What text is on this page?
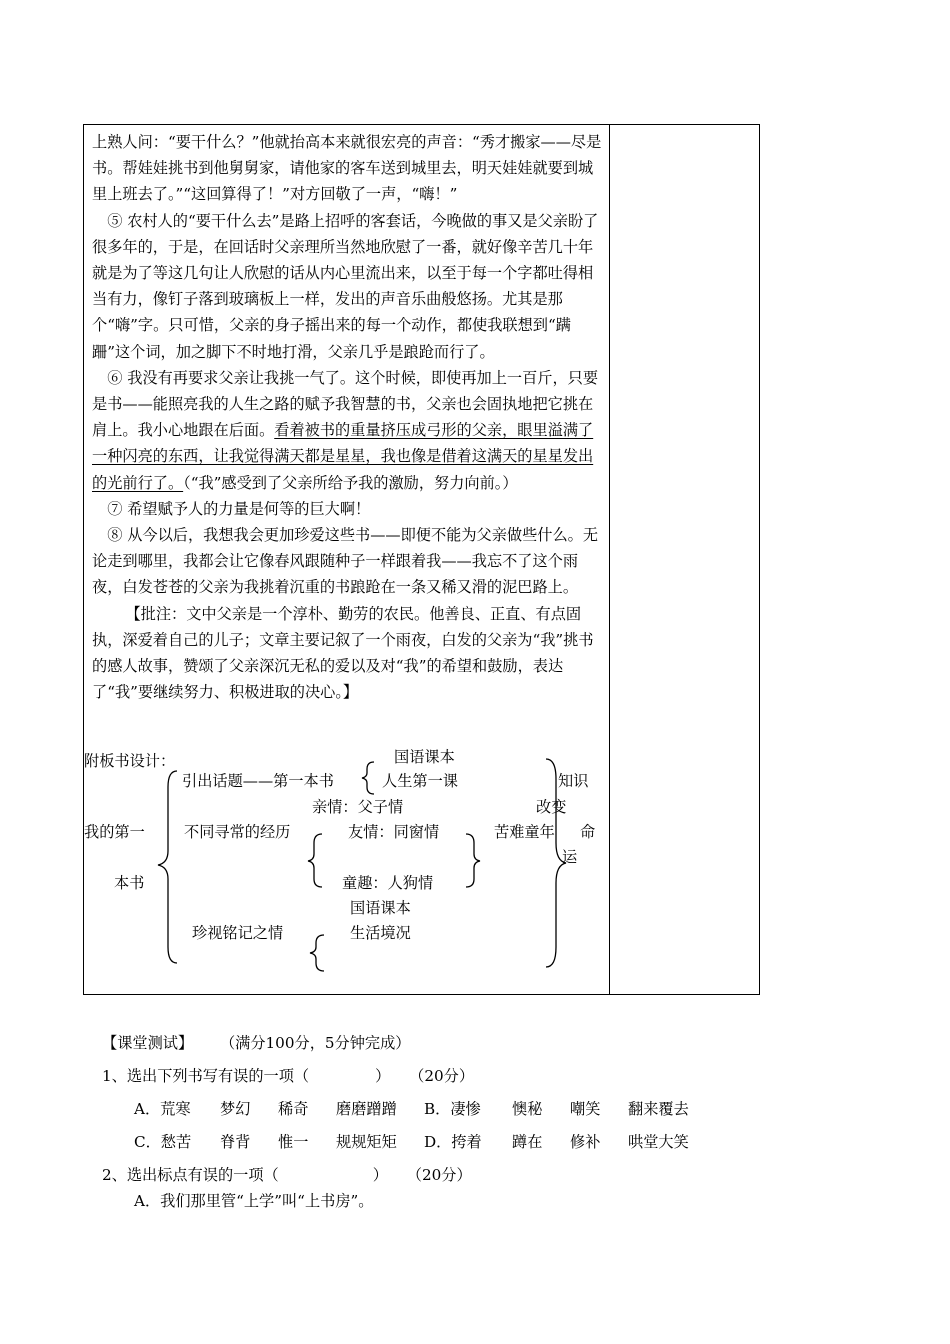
上熟人问：“要干什么？”他就抬高本来就很宏亮的声音：“秀才搬家——尽是书。帮娃娃挑书到他舅舅家，请他家的客车送到城里去，明天娃娃就要到城里上班去了。”“这回算得了！”对方回敬了一声，“嗨！”

⑤ 农村人的“要干什么去”是路上招呼的客套话，今晚做的事又是父亲盼了很多年的，于是，在回话时父亲理所当然地欣慰了一番，就好像辛苦几十年就是为了等这几句让人欣慰的话从内心里流出来，以至于每一个字都吐得相当有力，像钉子落到玻璃板上一样，发出的声音乐曲般悠扬。尤其是那个“嗨”字。只可惜，父亲的身子摇出来的每一个动作，都使我联想到“蹒跚”这个词，加之脚下不时地打滑，父亲几乎是踉跄而行了。

⑥ 我没有再要求父亲让我挑一气了。这个时候，即使再加上一百斤，只要是书——能照亮我的人生之路的赋予我智慧的书，父亲也会固执地把它挑在肩上。我小心地跟在后面。看着被书的重量挤压成弓形的父亲，眼里溢满了一种闪亮的东西，让我觉得满天都是星星，我也像是借着这满天的星星发出的光前行了。（“我”感受到了父亲所给予我的激励，努力向前。）

⑦ 希望赋予人的力量是何等的巨大啊！

⑧ 从今以后，我想我会更加珍爱这些书——即便不能为父亲做些什么。无论走到哪里，我都会让它像春风跟随种子一样跟着我——我忘不了这个雨夜，白发苍苍的父亲为我挑着沉重的书踉跄在一条又稀又滑的泥巴路上。

【批注：文中父亲是一个淳朴、勤劳的农民。他善良、正直、有点固执，深爱着自己的儿子；文章主要记叙了一个雨夜，白发的父亲为“我”挑书的感人故事，赞颂了父亲深沉无私的爱以及对“我”的希望和鼓励，表达了“我”要继续努力、积极进取的决心。】

附板书设计：	国语课本
引出话题——第一本书	人生第一课	知识
亲情：父子情	改变
我的第一	不同寻常的经历	友情：同窗情	苦难童年 命
运
本书	童趣：人狗情
国语课本
珍视铭记之情	生活境况
【课堂测试】 （满分100分，5分钟完成）
1、选出下列书写有误的一项（	） （20分）
A．荒寒 梦幻 稀奇 磨磨蹭蹭 B．凄惨 懊秘 嘲笑 翻来覆去
C．愁苦 脊背 惟一 规规矩矩 D．挎着 蹲在 修补 哄堂大笑
2、选出标点有误的一项（	） （20分）
A．我们那里管“上学”叫“上书房”。
